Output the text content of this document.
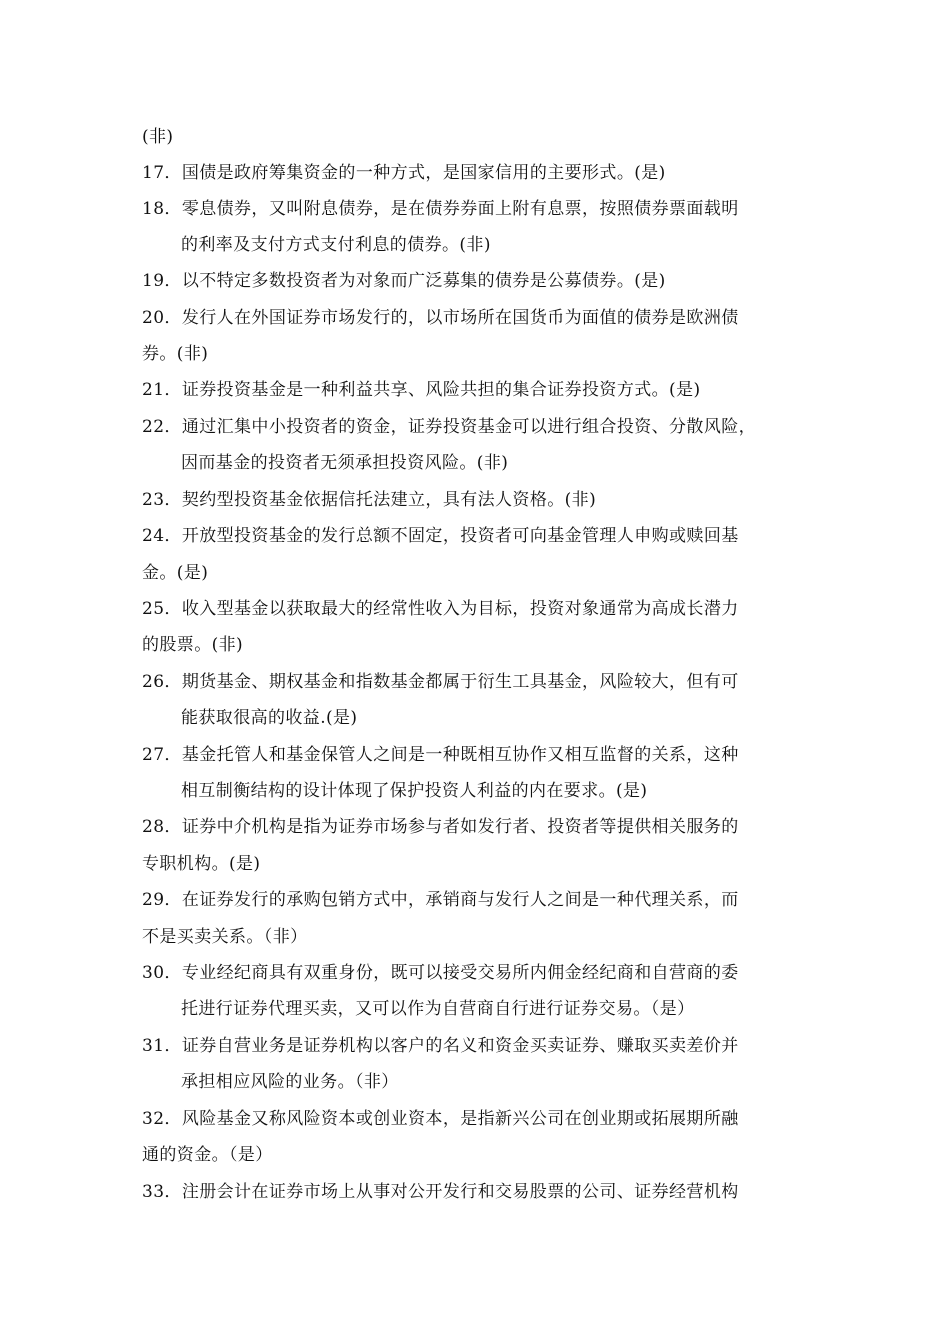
(非)
17．国债是政府筹集资金的一种方式，是国家信用的主要形式。(是)
18．零息债券，又叫附息债券，是在债券券面上附有息票，按照债券票面载明
的利率及支付方式支付利息的债券。(非)
19．以不特定多数投资者为对象而广泛募集的债券是公募债券。(是)
20．发行人在外国证券市场发行的，以市场所在国货币为面值的债券是欧洲债
券。(非)
21．证券投资基金是一种利益共享、风险共担的集合证券投资方式。(是)
22．通过汇集中小投资者的资金，证券投资基金可以进行组合投资、分散风险，
因而基金的投资者无须承担投资风险。(非)
23．契约型投资基金依据信托法建立，具有法人资格。(非)
24．开放型投资基金的发行总额不固定，投资者可向基金管理人申购或赎回基
金。(是)
25．收入型基金以获取最大的经常性收入为目标，投资对象通常为高成长潜力
的股票。(非)
26．期货基金、期权基金和指数基金都属于衍生工具基金，风险较大，但有可
能获取很高的收益.(是)
27．基金托管人和基金保管人之间是一种既相互协作又相互监督的关系，这种
相互制衡结构的设计体现了保护投资人利益的内在要求。(是)
28．证券中介机构是指为证券市场参与者如发行者、投资者等提供相关服务的
专职机构。(是)
29．在证券发行的承购包销方式中，承销商与发行人之间是一种代理关系，而
不是买卖关系。（非）
30．专业经纪商具有双重身份，既可以接受交易所内佣金经纪商和自营商的委
托进行证券代理买卖，又可以作为自营商自行进行证券交易。（是）
31．证券自营业务是证券机构以客户的名义和资金买卖证券、赚取买卖差价并
承担相应风险的业务。（非）
32．风险基金又称风险资本或创业资本，是指新兴公司在创业期或拓展期所融
通的资金。（是）
33．注册会计在证券市场上从事对公开发行和交易股票的公司、证券经营机构
